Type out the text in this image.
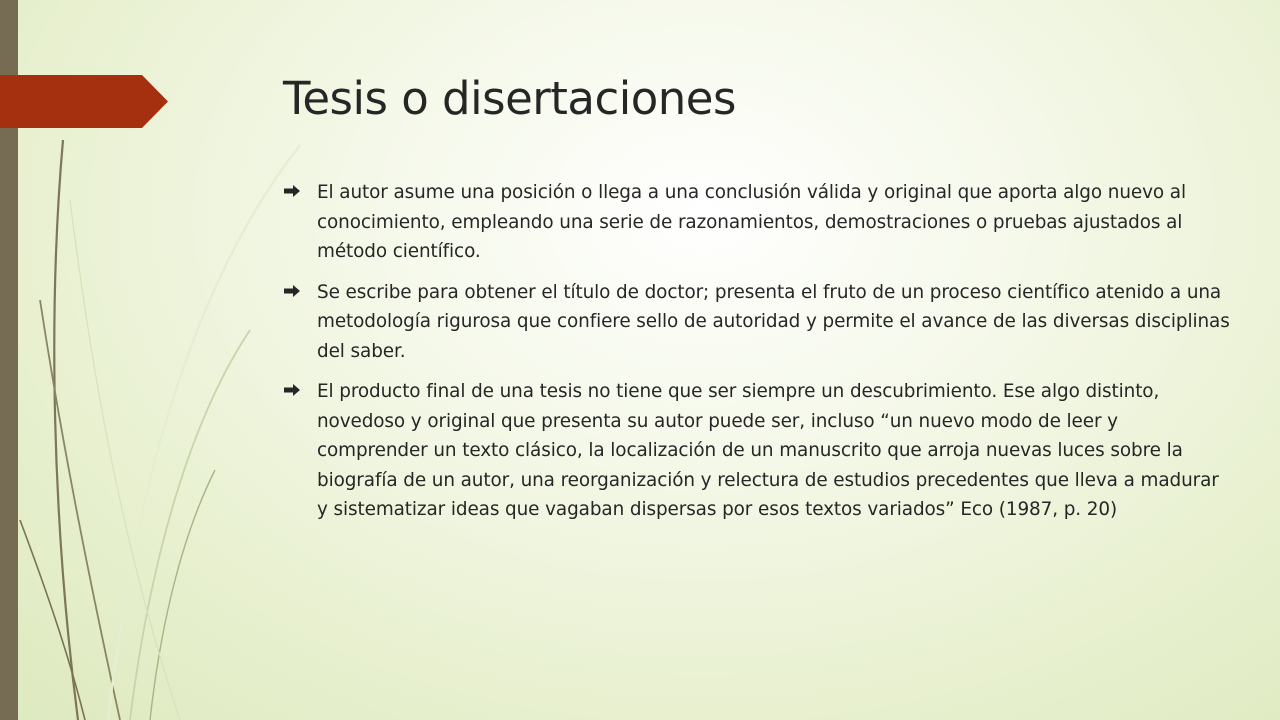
Tesis o disertaciones
El autor asume una posición o llega a una conclusión válida y original que aporta algo nuevo al conocimiento, empleando una serie de razonamientos, demostraciones o pruebas ajustados al método científico.
Se escribe para obtener el título de doctor; presenta el fruto de un proceso científico atenido a una metodología rigurosa que confiere sello de autoridad y permite el avance de las diversas disciplinas del saber.
El producto final de una tesis no tiene que ser siempre un descubrimiento. Ese algo distinto, novedoso y original que presenta su autor puede ser, incluso “un nuevo modo de leer y comprender un texto clásico, la localización de un manuscrito que arroja nuevas luces sobre la biografía de un autor, una reorganización y relectura de estudios precedentes que lleva a madurar y sistematizar ideas que vagaban dispersas por esos textos variados” Eco (1987, p. 20)
